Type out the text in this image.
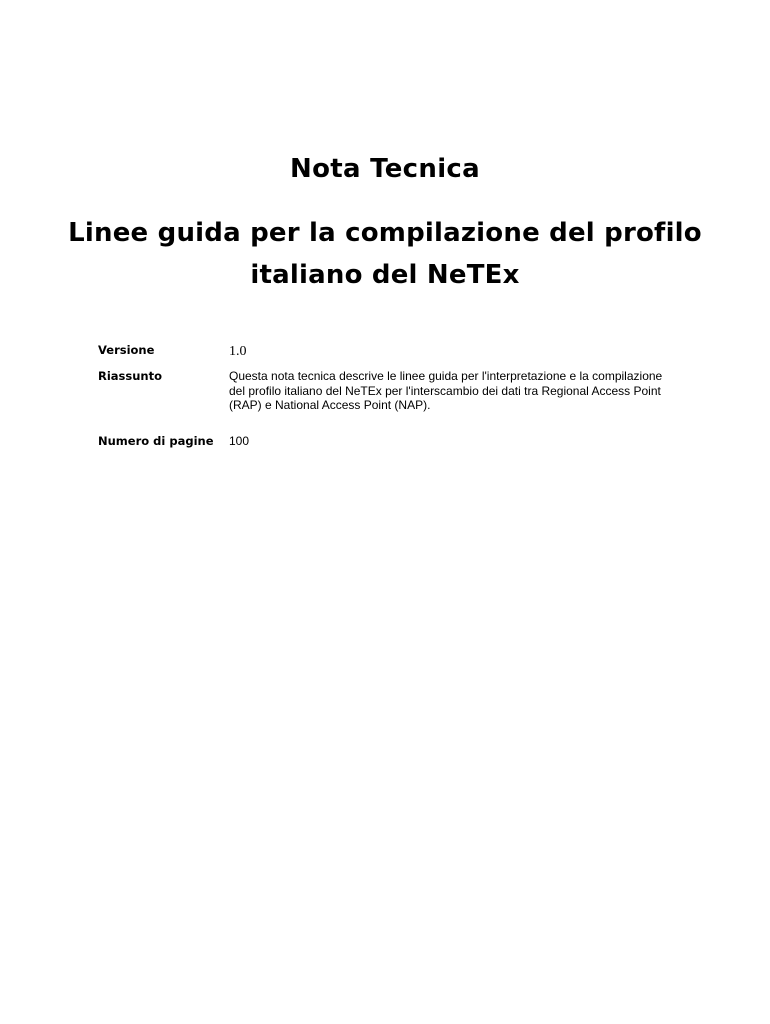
Nota Tecnica
Linee guida per la compilazione del profilo italiano del NeTEx
Versione	1.0
Riassunto	Questa nota tecnica descrive le linee guida per l'interpretazione e la compilazione del profilo italiano del NeTEx per l'interscambio dei dati tra Regional Access Point (RAP) e National Access Point (NAP).
Numero di pagine	100
